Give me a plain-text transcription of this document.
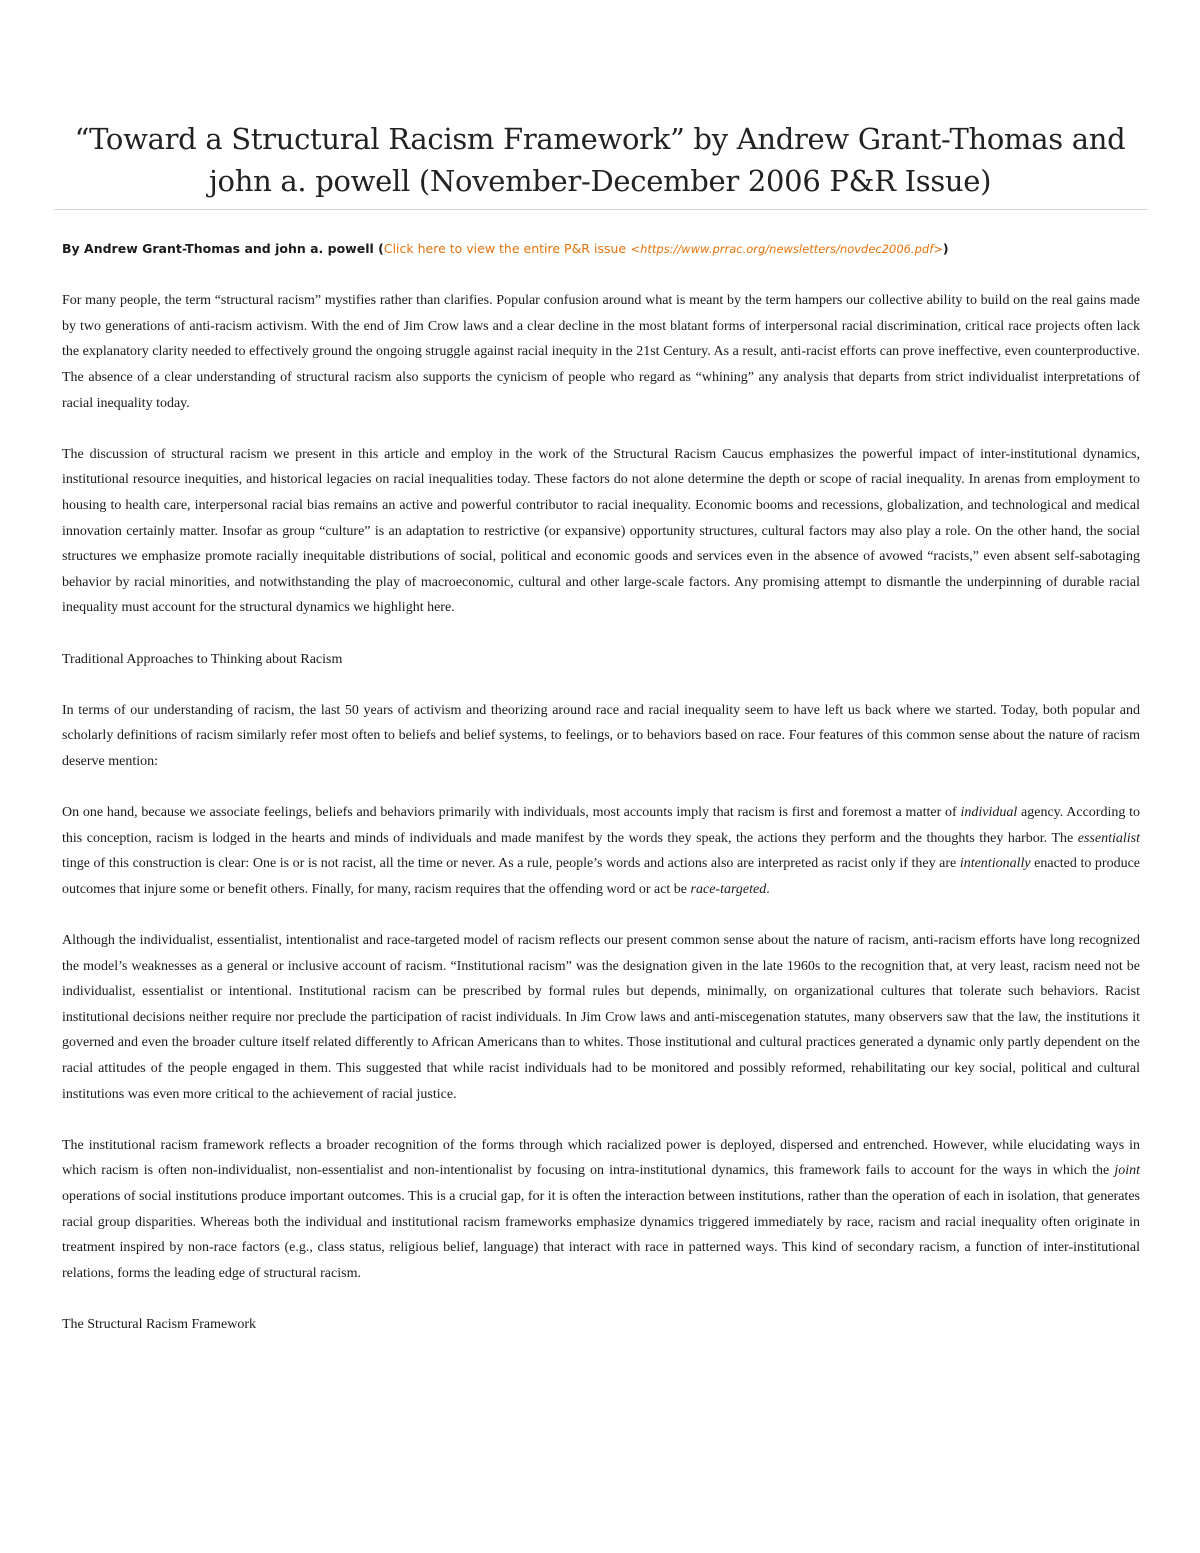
“Toward a Structural Racism Framework” by Andrew Grant-Thomas and john a. powell (November-December 2006 P&R Issue)
By Andrew Grant-Thomas and john a. powell (Click here to view the entire P&R issue <https://www.prrac.org/newsletters/novdec2006.pdf>)

For many people, the term “structural racism” mystifies rather than clarifies. Popular confusion around what is meant by the term hampers our collective ability to build on the real gains made by two generations of anti-racism activism. With the end of Jim Crow laws and a clear decline in the most blatant forms of interpersonal racial discrimination, critical race projects often lack the explanatory clarity needed to effectively ground the ongoing struggle against racial inequity in the 21st Century. As a result, anti-racist efforts can prove ineffective, even counterproductive. The absence of a clear understanding of structural racism also supports the cynicism of people who regard as “whining” any analysis that departs from strict individualist interpretations of racial inequality today.

The discussion of structural racism we present in this article and employ in the work of the Structural Racism Caucus emphasizes the powerful impact of inter-institutional dynamics, institutional resource inequities, and historical legacies on racial inequalities today. These factors do not alone determine the depth or scope of racial inequality. In arenas from employment to housing to health care, interpersonal racial bias remains an active and powerful contributor to racial inequality. Economic booms and recessions, globalization, and technological and medical innovation certainly matter. Insofar as group “culture” is an adaptation to restrictive (or expansive) opportunity structures, cultural factors may also play a role. On the other hand, the social structures we emphasize promote racially inequitable distributions of social, political and economic goods and services even in the absence of avowed “racists,” even absent self-sabotaging behavior by racial minorities, and notwithstanding the play of macroeconomic, cultural and other large-scale factors. Any promising attempt to dismantle the underpinning of durable racial inequality must account for the structural dynamics we highlight here.

Traditional Approaches to Thinking about Racism

In terms of our understanding of racism, the last 50 years of activism and theorizing around race and racial inequality seem to have left us back where we started. Today, both popular and scholarly definitions of racism similarly refer most often to beliefs and belief systems, to feelings, or to behaviors based on race. Four features of this common sense about the nature of racism deserve mention:

On one hand, because we associate feelings, beliefs and behaviors primarily with individuals, most accounts imply that racism is first and foremost a matter of individual agency. According to this conception, racism is lodged in the hearts and minds of individuals and made manifest by the words they speak, the actions they perform and the thoughts they harbor. The essentialist tinge of this construction is clear: One is or is not racist, all the time or never. As a rule, people’s words and actions also are interpreted as racist only if they are intentionally enacted to produce outcomes that injure some or benefit others. Finally, for many, racism requires that the offending word or act be race-targeted.

Although the individualist, essentialist, intentionalist and race-targeted model of racism reflects our present common sense about the nature of racism, anti-racism efforts have long recognized the model’s weaknesses as a general or inclusive account of racism. “Institutional racism” was the designation given in the late 1960s to the recognition that, at very least, racism need not be individualist, essentialist or intentional. Institutional racism can be prescribed by formal rules but depends, minimally, on organizational cultures that tolerate such behaviors. Racist institutional decisions neither require nor preclude the participation of racist individuals. In Jim Crow laws and anti-miscegenation statutes, many observers saw that the law, the institutions it governed and even the broader culture itself related differently to African Americans than to whites. Those institutional and cultural practices generated a dynamic only partly dependent on the racial attitudes of the people engaged in them. This suggested that while racist individuals had to be monitored and possibly reformed, rehabilitating our key social, political and cultural institutions was even more critical to the achievement of racial justice.

The institutional racism framework reflects a broader recognition of the forms through which racialized power is deployed, dispersed and entrenched. However, while elucidating ways in which racism is often non-individualist, non-essentialist and non-intentionalist by focusing on intra-institutional dynamics, this framework fails to account for the ways in which the joint operations of social institutions produce important outcomes. This is a crucial gap, for it is often the interaction between institutions, rather than the operation of each in isolation, that generates racial group disparities. Whereas both the individual and institutional racism frameworks emphasize dynamics triggered immediately by race, racism and racial inequality often originate in treatment inspired by non-race factors (e.g., class status, religious belief, language) that interact with race in patterned ways. This kind of secondary racism, a function of inter-institutional relations, forms the leading edge of structural racism.

The Structural Racism Framework
